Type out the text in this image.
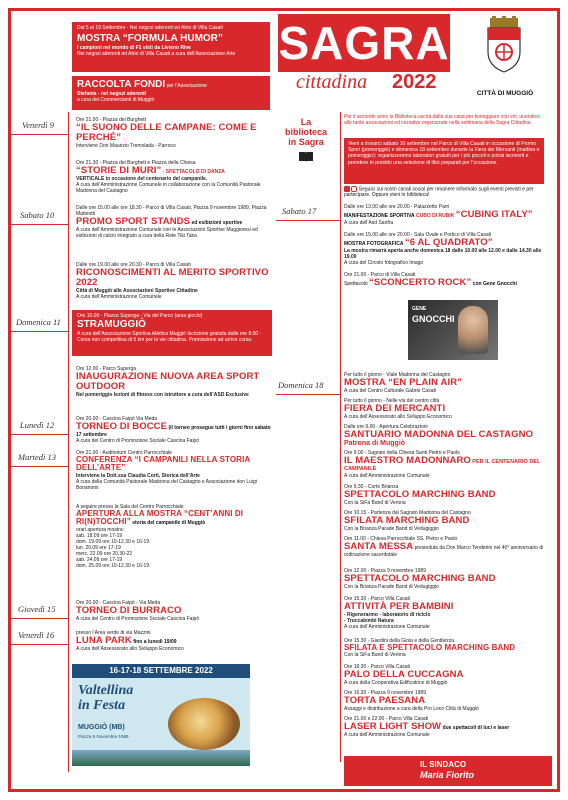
Dal 5 al 19 Settembre - Nei negozi aderenti ed Atrio di Villa Casati
MOSTRA “FORMULA HUMOR”
I campioni nel mondo di F1 visti da Livieno Rive
Nei negozi aderenti ed Atrio di Villa Casati a cura dell’Associazione Arte
RACCOLTA FONDI per l’Associazione
Stefania - nei negozi aderenti
a cura dei Commercianti di Muggiò
SAGRA
cittadina 2022
CITTÀ DI MUGGIÒ
Venerdì 9
Sabato 10
Domenica 11
Lunedì 12
Martedì 13
Giovedì 15
Venerdì 16
Ore 21.00 - Piazza dei Burghett
“IL SUONO DELLE CAMPANE: COME E PERCHÉ”
Interviene Don Maurizio Tremolada - Parroco
Ore 21.30 - Piazza dei Burghett e Piazza della Chiesa
“STORIE DI MURI” - SPETTACOLO DI DANZA
VERTICALE in occasione del centenario del campanile.
A cura dell’Amministrazione Comunale in collaborazione con la Comunità Pastorale Madonna del Castagno
Dalle ore 15.00 alle ore 18.30 - Parco di Villa Casati, Piazza 9 novembre 1989, Piazza Matteotti
PROMO SPORT STANDS ed esibizioni sportive
A cura dell’Amministrazione Comunale con le Associazioni Sportive Muggioresi ed esibizioni di calcio integrato a cura della Rete Tiki Taka
Dalle ore 19.00 alle ore 20.30 - Parco di Villa Casati
RICONOSCIMENTI AL MERITO SPORTIVO 2022
Città di Muggiò alle Associazioni Sportive Cittadine
A cura dell’Amministrazione Comunale
Ore 10.00 - Piazza Superga - Via del Parco (area giochi)
STRAMUGGIÒ
A cura dell’Associazione Sportiva Atletica Muggiò Iscrizione gratuita dalle ore 8.00 - Corsa non competitiva di 5 km per la vie cittadina. Premiazione ad arrivo corsa.
Ore 12.00 - Parco Superga
INAUGURAZIONE NUOVA AREA SPORT OUTDOOR
Nel pomeriggio lezioni di fitness con istruttore a cura dell’ASD Exclusive
Ore 20.00 - Cascina Faipò Via Meda
TORNEO DI BOCCE (il torneo prosegue tutti i giorni fino sabato 17 settembre
A cura del Centro di Promozione Sociale Cascina Faipò
Ore 21.00 - Auditorium Centro Parrocchiale
CONFERENZA “I CAMPANILI NELLA STORIA DELL’ARTE”
Interviene la Dott.ssa Claudia Corti, Storica dell’Arte
A cura della Comunità Pastorale Madonna del Castagno e Associazione don Luigi Bonanomi
A seguire presso la Sala del Centro Parrocchiale
APERTURA ALLA MOSTRA “CENT’ANNI DI RI(N)TOCCHI” storia del campanile di Muggiò
orari apertura mostra:
sab. 18.09 ore 17-19
dom. 19.09 ore 10-12.30 e 16-19
lun. 20.09 ore 17-19
merc. 22.09 ore 20.30-22
sab. 24.09 ore 17-19
dom. 25.09 ore 10-12.30 e 16-19
Ore 20.00 - Cascina Faipò - Via Meda
TORNEO DI BURRACO
A cura del Centro di Promozione Sociale Cascina Faipò
presso l’Area verde di via Mazzini
LUNA PARK fino a lunedì 19/09
A cura dell’Assessorato allo Sviluppo Economico
16-17-18 SETTEMBRE 2022
Valtellina
in Festa
MUGGIÒ (MB)
Piazza 9 Novembre 1989
La
biblioteca
in Sagra
Per il secondo anno la Biblioteca uscirà dalla sua casa per festeggiare con voi, unendosi alle tante associazioni ed iniziative organizzate nella settimana della Sagra Cittadina.
Vieni a trovarci sabato 10 settembre nel Parco di Villa Casati in occasione di Promo Sport (pomeriggio) e domenica 18 settembre durante la Fiera dei Mercanti (mattina e pomeriggio): organizzeremo laboratori gratuiti per i più piccoli e potrai iscriverti e prendere in prestito una selezione di libri preparati per l’occasione.
Seguici sui nostri canali social per rimanere informato sugli eventi previsti e per partecipare. Oppure vieni in biblioteca!
Sabato 17
Domenica 18
Dalle ore 13.00 alle ore 20.00 - Palazzetto Parri
MANIFESTAZIONE SPORTIVA CUBO DI RUBIK “CUBING ITALY”
A cura dell’Asd Sanfra
Dalle ore 15.00 alle ore 20.00 - Sala Ovale e Portico di Villa Casati
MOSTRA FOTOGRAFICA “6 AL QUADRATO”
La mostra rimarrà aperta anche domenica 18 dalle 10.00 alle 12.00 e dalle 14.30 alle 19.00
A cura del Circolo fotografico Imago
Ore 21.00 - Parco di Villa Casati
Spettacolo “SCONCERTO ROCK” con Gene Gnocchi
GENE
GNOCCHI
Per tutto il giorno - Viale Madonna del Castagno
MOSTRA “EN PLAIN AIR”
A cura del Centro Culturale Gabrio Casati
Per tutto il giorno - Nelle via del centro città
FIERA DEI MERCANTI
A cura dell’Assessorato allo Sviluppo Economico
Dalle ore 9.00 - Apertura Celebrazioni
SANTUARIO MADONNA DEL CASTAGNO Patrona di Muggiò
Ore 9.00 - Sagrato della Chiesa Santi Pietro e Paolo
IL MAESTRO MADONNARO PER IL CENTENARIO DEL CAMPANILE
A cura dell’Amministrazione Comunale
Ore 9.30 - Corte Brianza
SPETTACOLO MARCHING BAND
Con la SiFa Band di Verona
Ore 10.15 - Partenza dal Sagrato Madonna del Castagno
SFILATA MARCHING BAND
Con la Brianza Parade Band di Vedugiggio
Ore 11.00 - Chiesa Parrocchiale SS. Pietro e Paolo
SANTA MESSA presieduta da Don Marco Tenderini nel 40° anniversario di ordinazione sacerdotale
Ore 12.00 - Piazza 9 novembre 1989
SPETTACOLO MARCHING BAND
Con la Brianza Parade Band di Vedugiggio
Ore 15.30 - Parco Villa Casati
ATTIVITÀ PER BAMBINI
- Rigenerarmo - laboratorio di riciclo
- Truccabimbi Natura
A cura dell’Amministrazione Comunale
Ore 15.30 - Giardini della Gioia e della Gentilezza
SFILATA E SPETTACOLO MARCHING BAND
Con la SiFa Band di Verona
Ore 16.30 - Parco Villa Casati
PALO DELLA CUCCAGNA
A cura della Cooperativa Edificatrice di Muggiò
Ore 16.30 - Piazza 9 novembre 1989
TORTA PAESANA
Assaggi e distribuzione a cura della Pro Loco Città di Muggiò
Ore 21.00 e 22.00 - Parco Villa Casati
LASER LIGHT SHOW due spettacoli di luci e laser
A cura dell’Amministrazione Comunale
IL SINDACO
Maria Fiorito
